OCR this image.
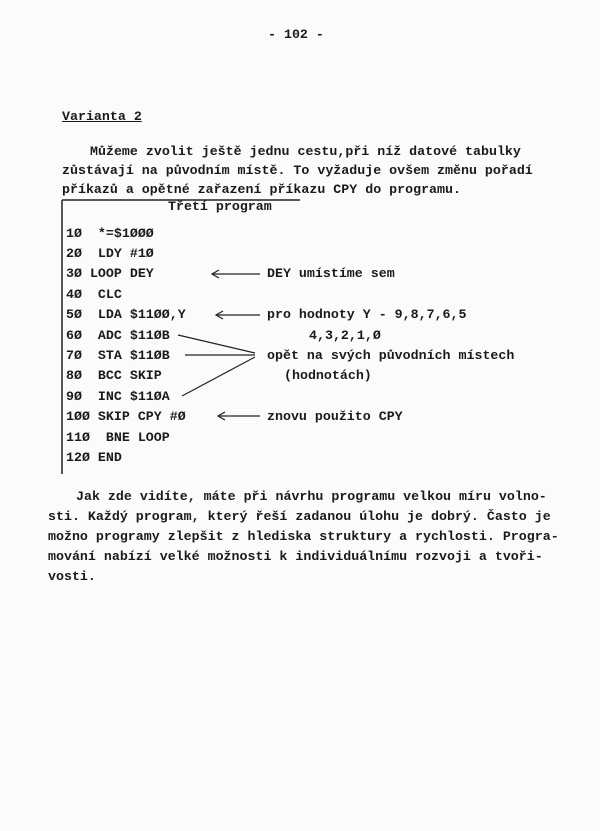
- 102 -
Varianta 2
Můžeme zvolit ještě jednu cestu,při níž datové tabulky
zůstávají na původním místě. To vyžaduje ovšem změnu pořadí
příkazů a opětné zařazení příkazu CPY do programu.
Třetí program
1Ø  *=$1ØØØ
2Ø  LDY #1Ø
3Ø LOOP DEY
4Ø  CLC
5Ø  LDA $11ØØ,Y
6Ø  ADC $11ØB
7Ø  STA $11ØB
8Ø  BCC SKIP
9Ø  INC $11ØA
1ØØ SKIP CPY #Ø
11Ø  BNE LOOP
12Ø END
DEY umístíme sem
pro hodnoty Y - 9,8,7,6,5
4,3,2,1,Ø
opět na svých původních místech
(hodnotách)
znovu použito CPY
Jak zde vidíte, máte při návrhu programu velkou míru volno-
sti. Každý program, který řeší zadanou úlohu je dobrý. Často je
možno programy zlepšit z hlediska struktury a rychlosti. Progra-
mování nabízí velké možnosti k individuálnímu rozvoji a tvoři-
vosti.
